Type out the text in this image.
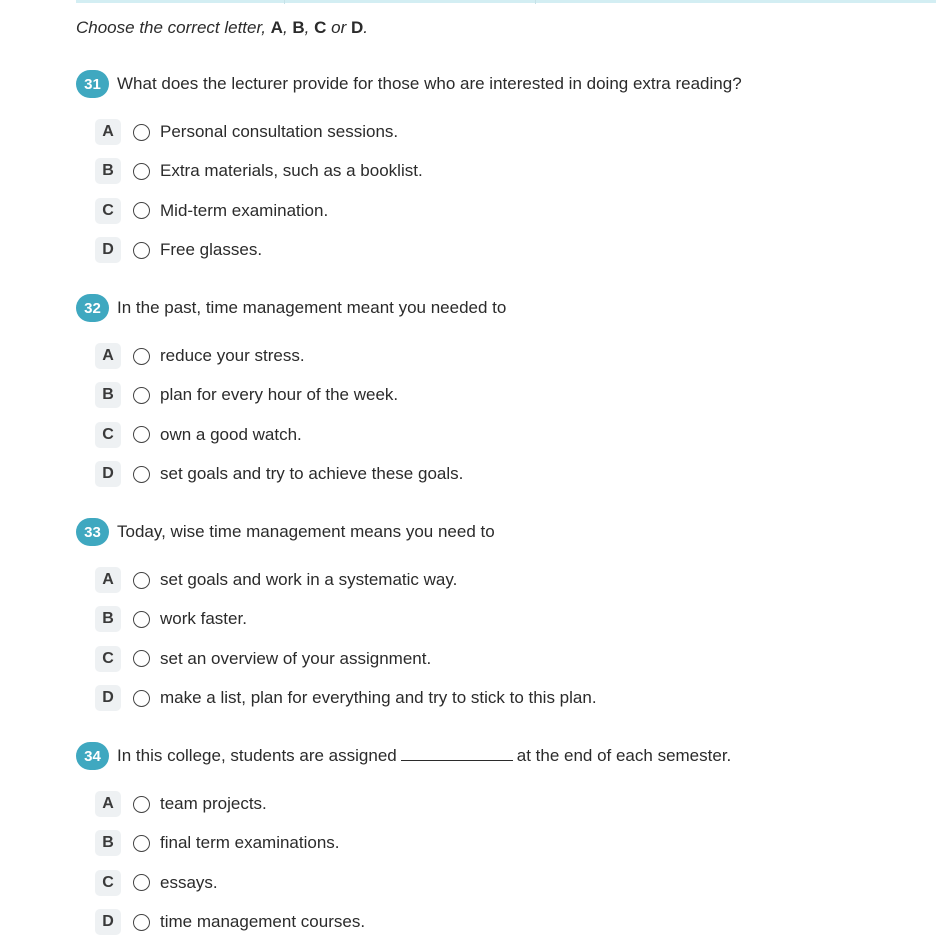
Choose the correct letter, A, B, C or D.
31 What does the lecturer provide for those who are interested in doing extra reading?
A	Personal consultation sessions.
B	Extra materials, such as a booklist.
C	Mid-term examination.
D	Free glasses.
32 In the past, time management meant you needed to
A	reduce your stress.
B	plan for every hour of the week.
C	own a good watch.
D	set goals and try to achieve these goals.
33 Today, wise time management means you need to
A	set goals and work in a systematic way.
B	work faster.
C	set an overview of your assignment.
D	make a list, plan for everything and try to stick to this plan.
34 In this college, students are assigned	at the end of each semester.
A	team projects.
B	final term examinations.
C	essays.
D	time management courses.
